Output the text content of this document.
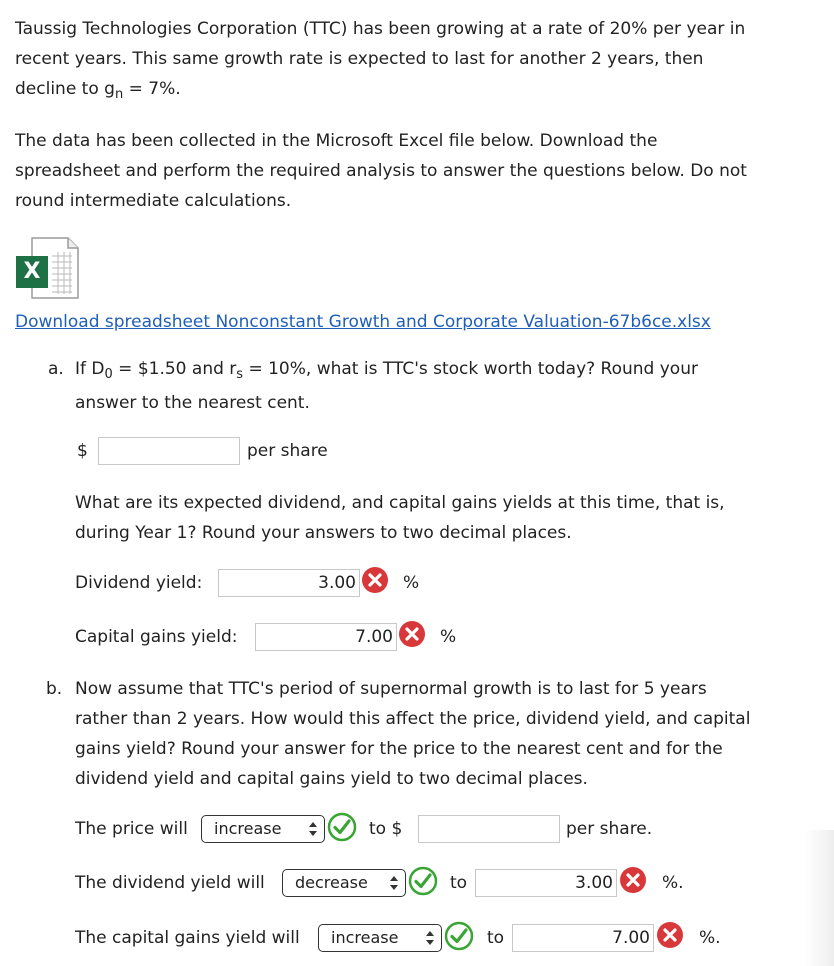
Taussig Technologies Corporation (TTC) has been growing at a rate of 20% per year in
recent years. This same growth rate is expected to last for another 2 years, then
decline to $g_n = 7\%$.
The data has been collected in the Microsoft Excel file below. Download the
spreadsheet and perform the required analysis to answer the questions below. Do not
round intermediate calculations.
X
Download spreadsheet Nonconstant Growth and Corporate Valuation-67b6ce.xlsx
a. If $D_0$ = $1.50 and $r_s = 10\%$, what is TTC's stock worth today? Round your
answer to the nearest cent.
$	per share
What are its expected dividend, and capital gains yields at this time, that is,
during Year 1? Round your answers to two decimal places.
Dividend yield:	3.00	%
Capital gains yield:	7.00	%
b. Now assume that TTC's period of supernormal growth is to last for 5 years
rather than 2 years. How would this affect the price, dividend yield, and capital
gains yield? Round your answer for the price to the nearest cent and for the
dividend yield and capital gains yield to two decimal places.
The price will	increase	to $	per share.
The dividend yield will	decrease	to	3.00	%.
The capital gains yield will	increase	to	7.00	%.
